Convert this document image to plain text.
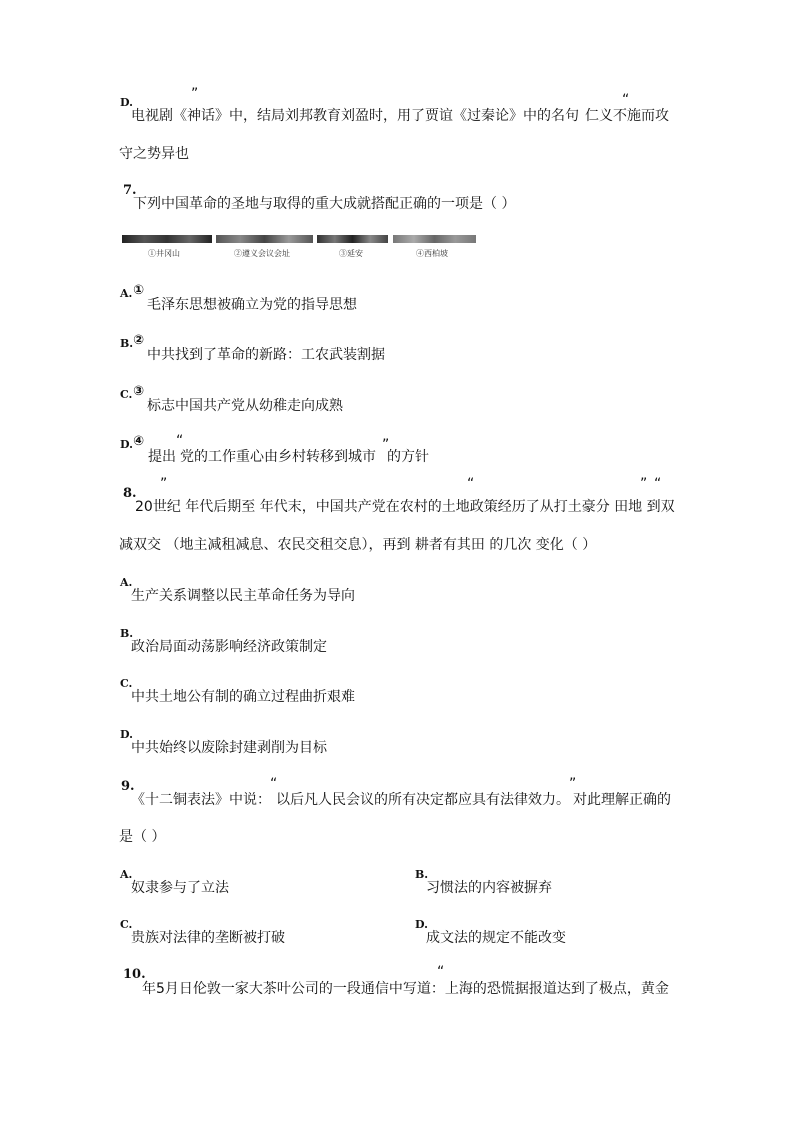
D.
”	“
电视剧《神话》中，结局刘邦教育刘盈时，用了贾谊《过秦论》中的名句 仁义不施而攻
守之势异也
7.
下列中国革命的圣地与取得的重大成就搭配正确的一项是（ ）
①井冈山	②遵义会议会址	③延安	④西柏坡
A. ①
毛泽东思想被确立为党的指导思想
B. ②
中共找到了革命的新路：工农武装割据
C. ③
标志中国共产党从幼稚走向成熟
D. ④ “	”
提出 党的工作重心由乡村转移到城市 的方针
8.
”	“	” “
20世纪 年代后期至 年代末，中国共产党在农村的土地政策经历了从打土豪分 田地 到双
减双交 （地主减租减息、农民交租交息），再到 耕者有其田 的几次 变化（ ）
A.
生产关系调整以民主革命任务为导向
B.
政治局面动荡影响经济政策制定
C.
中共土地公有制的确立过程曲折艰难
D.
中共始终以废除封建剥削为目标
9.	“	”
《十二铜表法》中说： 以后凡人民会议的所有决定都应具有法律效力。 对此理解正确的
是（ ）
A.
奴隶参与了立法
B.
习惯法的内容被摒弃
C.
贵族对法律的垄断被打破
D.
成文法的规定不能改变
10.	“
年5月日伦敦一家大茶叶公司的一段通信中写道：上海的恐慌据报道达到了极点，黄金
